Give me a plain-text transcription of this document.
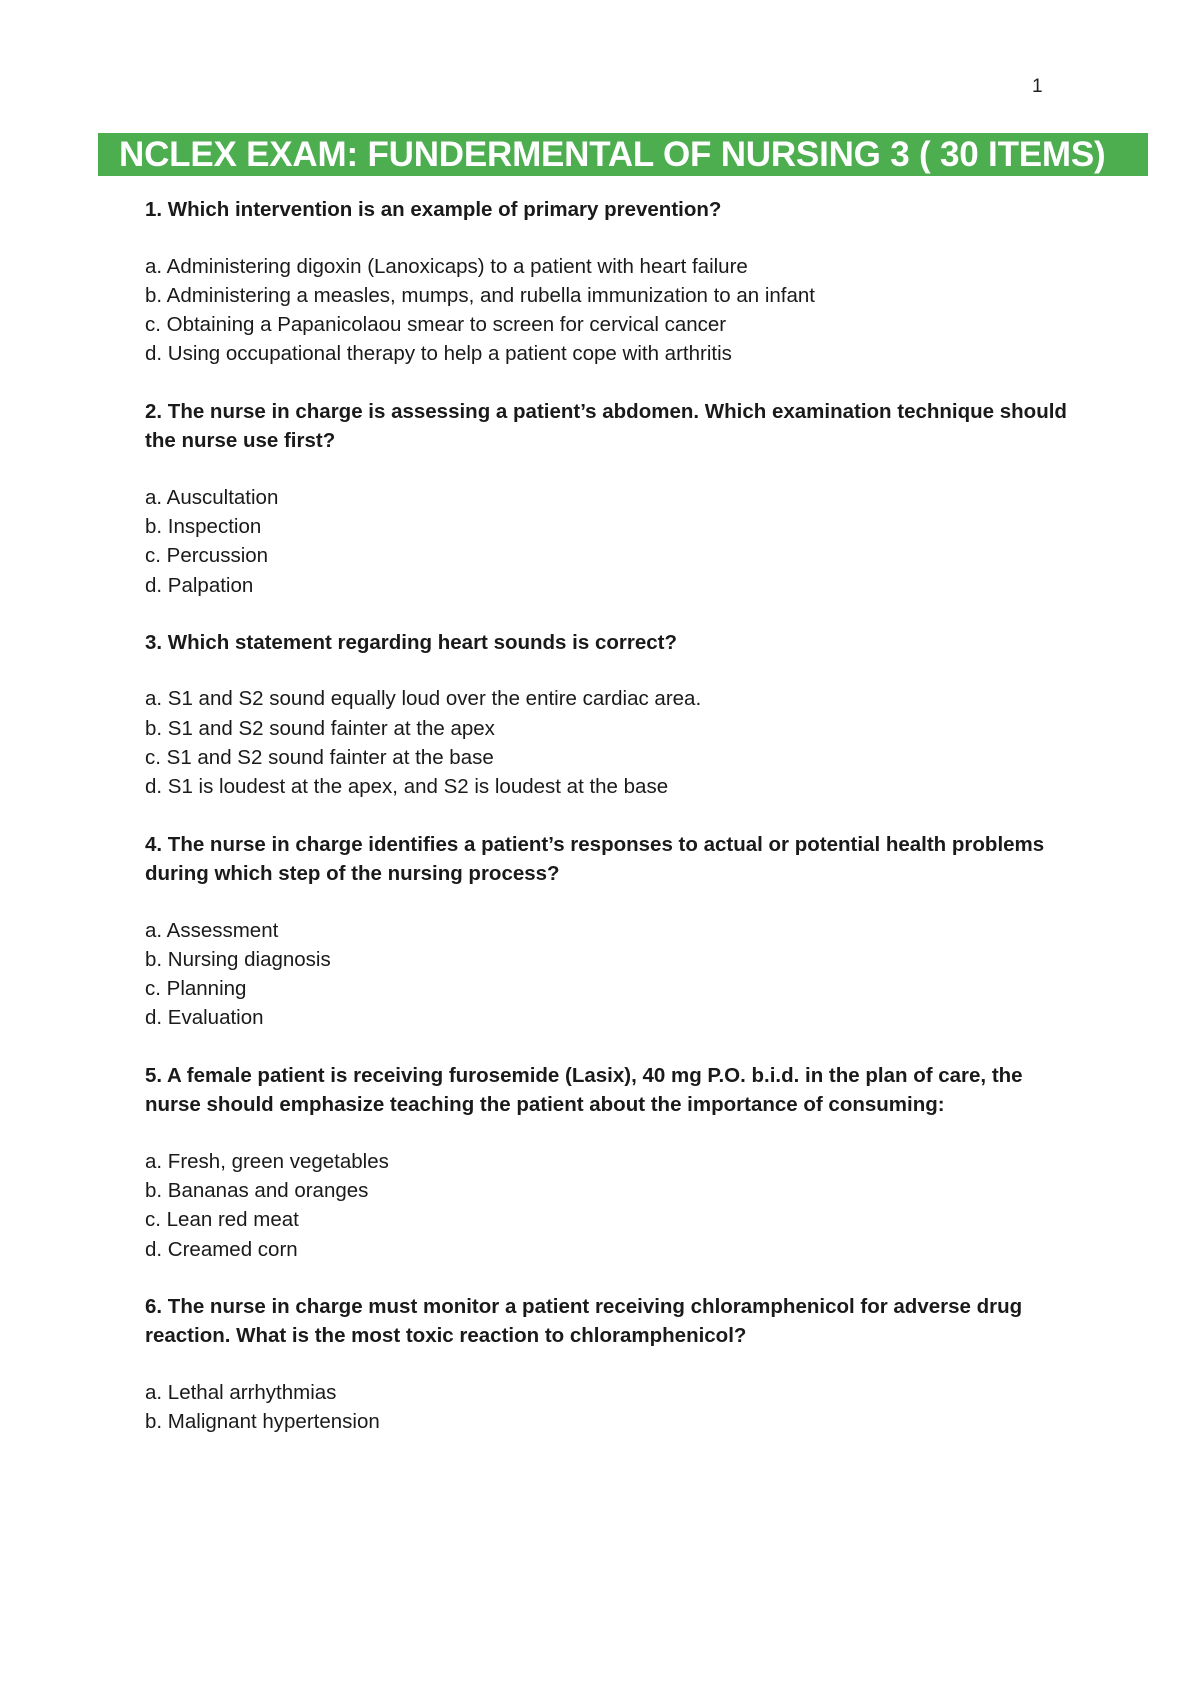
1
NCLEX EXAM: FUNDERMENTAL OF NURSING 3 ( 30 ITEMS)

1. Which intervention is an example of primary prevention?

a. Administering digoxin (Lanoxicaps) to a patient with heart failure
b. Administering a measles, mumps, and rubella immunization to an infant
c. Obtaining a Papanicolaou smear to screen for cervical cancer
d. Using occupational therapy to help a patient cope with arthritis

2. The nurse in charge is assessing a patient’s abdomen. Which examination technique should the nurse use first?

a. Auscultation
b. Inspection
c. Percussion
d. Palpation

3. Which statement regarding heart sounds is correct?

a. S1 and S2 sound equally loud over the entire cardiac area.
b. S1 and S2 sound fainter at the apex
c. S1 and S2 sound fainter at the base
d. S1 is loudest at the apex, and S2 is loudest at the base

4. The nurse in charge identifies a patient’s responses to actual or potential health problems during which step of the nursing process?

a. Assessment
b. Nursing diagnosis
c. Planning
d. Evaluation

5. A female patient is receiving furosemide (Lasix), 40 mg P.O. b.i.d. in the plan of care, the nurse should emphasize teaching the patient about the importance of consuming:

a. Fresh, green vegetables
b. Bananas and oranges
c. Lean red meat
d. Creamed corn

6. The nurse in charge must monitor a patient receiving chloramphenicol for adverse drug reaction. What is the most toxic reaction to chloramphenicol?

a. Lethal arrhythmias
b. Malignant hypertension
